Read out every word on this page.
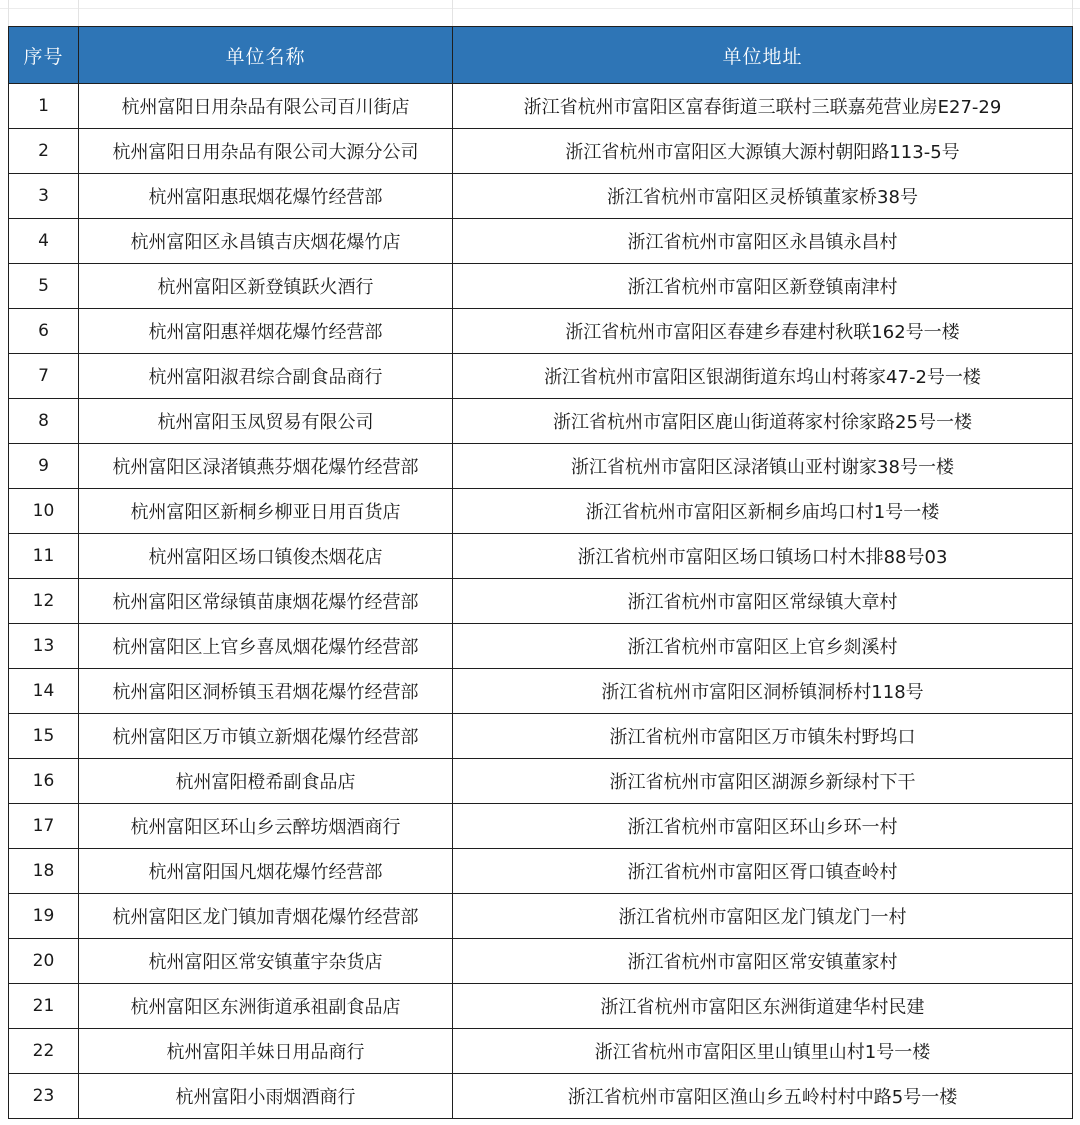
序号	单位名称	单位地址
1	杭州富阳日用杂品有限公司百川街店	浙江省杭州市富阳区富春街道三联村三联嘉苑营业房E27-29
2	杭州富阳日用杂品有限公司大源分公司	浙江省杭州市富阳区大源镇大源村朝阳路113-5号
3	杭州富阳惠珉烟花爆竹经营部	浙江省杭州市富阳区灵桥镇董家桥38号
4	杭州富阳区永昌镇吉庆烟花爆竹店	浙江省杭州市富阳区永昌镇永昌村
5	杭州富阳区新登镇跃火酒行	浙江省杭州市富阳区新登镇南津村
6	杭州富阳惠祥烟花爆竹经营部	浙江省杭州市富阳区春建乡春建村秋联162号一楼
7	杭州富阳淑君综合副食品商行	浙江省杭州市富阳区银湖街道东坞山村蒋家47-2号一楼
8	杭州富阳玉凤贸易有限公司	浙江省杭州市富阳区鹿山街道蒋家村徐家路25号一楼
9	杭州富阳区渌渚镇燕芬烟花爆竹经营部	浙江省杭州市富阳区渌渚镇山亚村谢家38号一楼
10	杭州富阳区新桐乡柳亚日用百货店	浙江省杭州市富阳区新桐乡庙坞口村1号一楼
11	杭州富阳区场口镇俊杰烟花店	浙江省杭州市富阳区场口镇场口村木排88号03
12	杭州富阳区常绿镇苗康烟花爆竹经营部	浙江省杭州市富阳区常绿镇大章村
13	杭州富阳区上官乡喜凤烟花爆竹经营部	浙江省杭州市富阳区上官乡剡溪村
14	杭州富阳区洞桥镇玉君烟花爆竹经营部	浙江省杭州市富阳区洞桥镇洞桥村118号
15	杭州富阳区万市镇立新烟花爆竹经营部	浙江省杭州市富阳区万市镇朱村野坞口
16	杭州富阳橙希副食品店	浙江省杭州市富阳区湖源乡新绿村下干
17	杭州富阳区环山乡云醉坊烟酒商行	浙江省杭州市富阳区环山乡环一村
18	杭州富阳国凡烟花爆竹经营部	浙江省杭州市富阳区胥口镇查岭村
19	杭州富阳区龙门镇加青烟花爆竹经营部	浙江省杭州市富阳区龙门镇龙门一村
20	杭州富阳区常安镇董宇杂货店	浙江省杭州市富阳区常安镇董家村
21	杭州富阳区东洲街道承祖副食品店	浙江省杭州市富阳区东洲街道建华村民建
22	杭州富阳羊妹日用品商行	浙江省杭州市富阳区里山镇里山村1号一楼
23	杭州富阳小雨烟酒商行	浙江省杭州市富阳区渔山乡五岭村村中路5号一楼
